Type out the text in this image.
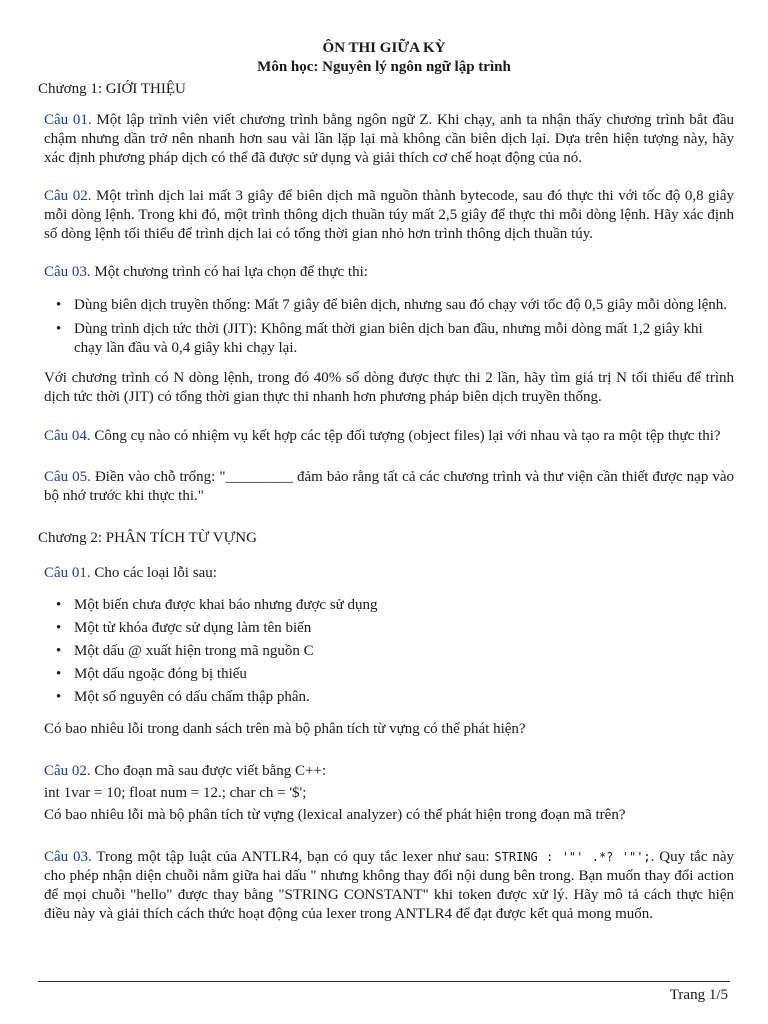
ÔN THI GIỮA KỲ
Môn học: Nguyên lý ngôn ngữ lập trình
Chương 1: GIỚI THIỆU
Câu 01. Một lập trình viên viết chương trình bằng ngôn ngữ Z. Khi chạy, anh ta nhận thấy chương trình bắt đầu chậm nhưng dần trở nên nhanh hơn sau vài lần lặp lại mà không cần biên dịch lại. Dựa trên hiện tượng này, hãy xác định phương pháp dịch có thể đã được sử dụng và giải thích cơ chế hoạt động của nó.
Câu 02. Một trình dịch lai mất 3 giây để biên dịch mã nguồn thành bytecode, sau đó thực thi với tốc độ 0,8 giây mỗi dòng lệnh. Trong khi đó, một trình thông dịch thuần túy mất 2,5 giây để thực thi mỗi dòng lệnh. Hãy xác định số dòng lệnh tối thiểu để trình dịch lai có tổng thời gian nhỏ hơn trình thông dịch thuần túy.
Câu 03. Một chương trình có hai lựa chọn để thực thi:
• Dùng biên dịch truyền thống: Mất 7 giây để biên dịch, nhưng sau đó chạy với tốc độ 0,5 giây mỗi dòng lệnh.
• Dùng trình dịch tức thời (JIT): Không mất thời gian biên dịch ban đầu, nhưng mỗi dòng mất 1,2 giây khi chạy lần đầu và 0,4 giây khi chạy lại.
Với chương trình có N dòng lệnh, trong đó 40% số dòng được thực thi 2 lần, hãy tìm giá trị N tối thiểu để trình dịch tức thời (JIT) có tổng thời gian thực thi nhanh hơn phương pháp biên dịch truyền thống.
Câu 04. Công cụ nào có nhiệm vụ kết hợp các tệp đối tượng (object files) lại với nhau và tạo ra một tệp thực thi?
Câu 05. Điền vào chỗ trống: "_________ đảm bảo rằng tất cả các chương trình và thư viện cần thiết được nạp vào bộ nhớ trước khi thực thi."
Chương 2: PHÂN TÍCH TỪ VỰNG
Câu 01. Cho các loại lỗi sau:
• Một biến chưa được khai báo nhưng được sử dụng
• Một từ khóa được sử dụng làm tên biến
• Một dấu @ xuất hiện trong mã nguồn C
• Một dấu ngoặc đóng bị thiếu
• Một số nguyên có dấu chấm thập phân.
Có bao nhiêu lỗi trong danh sách trên mà bộ phân tích từ vựng có thể phát hiện?
Câu 02. Cho đoạn mã sau được viết bằng C++:
int 1var = 10; float num = 12.; char ch = '$';
Có bao nhiêu lỗi mà bộ phân tích từ vựng (lexical analyzer) có thể phát hiện trong đoạn mã trên?
Câu 03. Trong một tập luật của ANTLR4, bạn có quy tắc lexer như sau: STRING : '"' .*? '"';. Quy tắc này cho phép nhận diện chuỗi nằm giữa hai dấu " nhưng không thay đổi nội dung bên trong. Bạn muốn thay đổi action để mọi chuỗi "hello" được thay bằng "STRING CONSTANT" khi token được xử lý. Hãy mô tả cách thực hiện điều này và giải thích cách thức hoạt động của lexer trong ANTLR4 để đạt được kết quả mong muốn.
Trang 1/5
